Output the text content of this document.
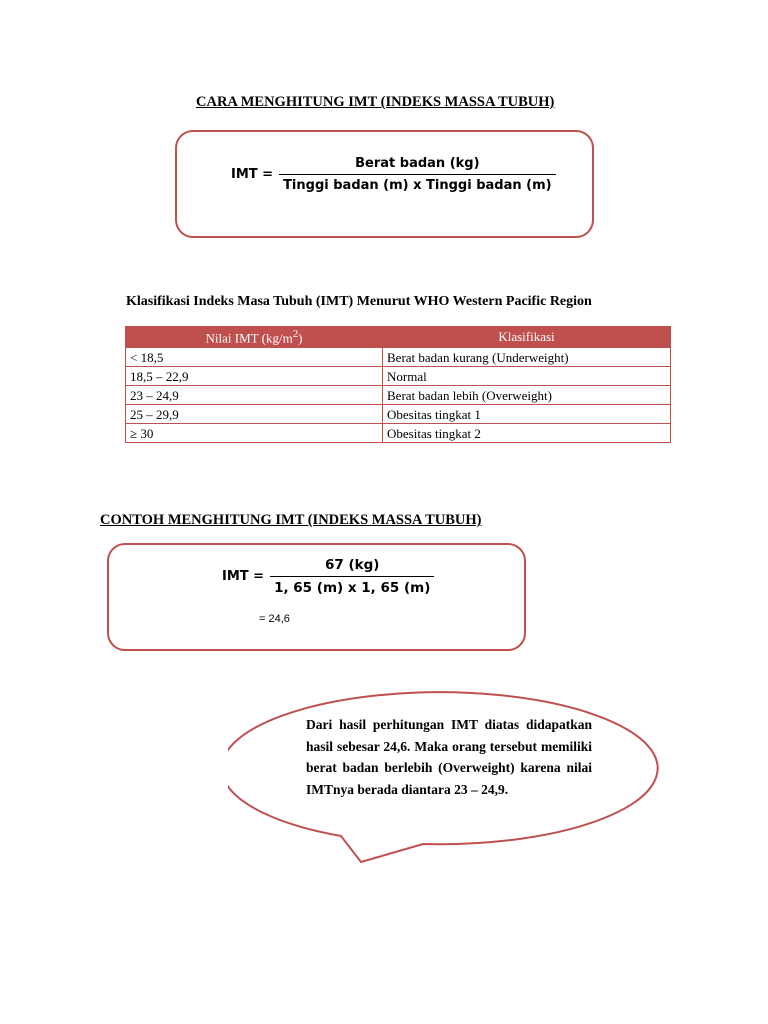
CARA MENGHITUNG IMT (INDEKS MASSA TUBUH)
IMT = $\frac{\text{Berat badan (kg)}}{\text{Tinggi badan (m) x Tinggi badan (m)}}$
Klasifikasi Indeks Masa Tubuh (IMT) Menurut WHO Western Pacific Region
Nilai IMT $(kg/m^2)$	Klasifikasi
< 18,5	Berat badan kurang (Underweight)
18,5 – 22,9	Normal
23 – 24,9	Berat badan lebih (Overweight)
25 – 29,9	Obesitas tingkat 1
≥ 30	Obesitas tingkat 2
CONTOH MENGHITUNG IMT (INDEKS MASSA TUBUH)
IMT = $\frac{67 (kg)}{1, 65 (m) x 1, 65 (m)}$
= 24,6
Dari hasil perhitungan IMT diatas didapatkan hasil sebesar 24,6. Maka orang tersebut memiliki berat badan berlebih (Overweight) karena nilai IMTnya berada diantara 23 – 24,9.
